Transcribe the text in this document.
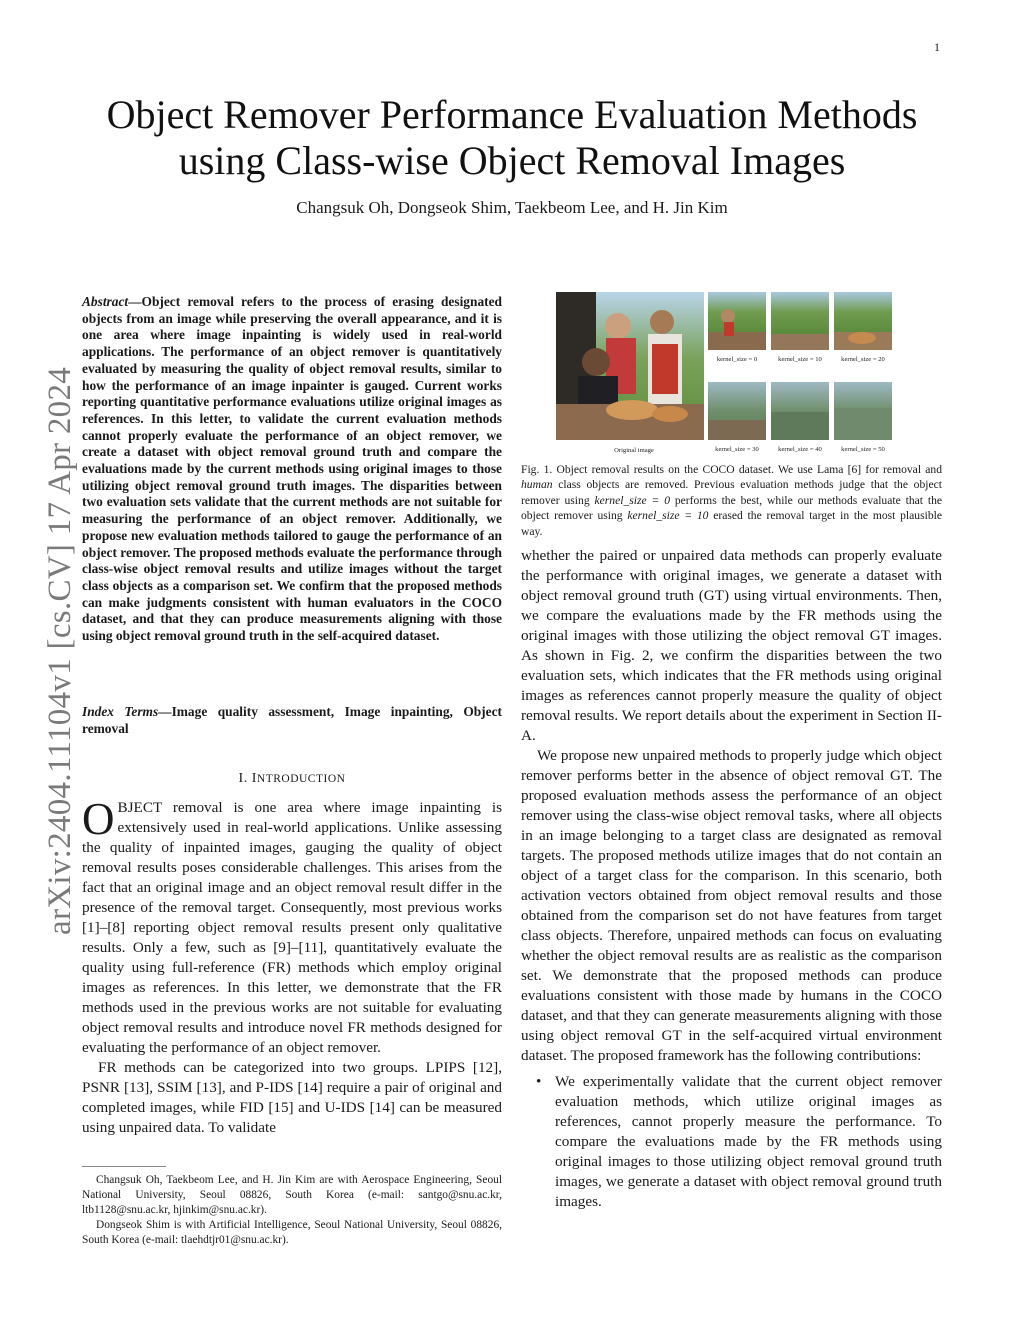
1
arXiv:2404.11104v1 [cs.CV] 17 Apr 2024
Object Remover Performance Evaluation Methods
using Class-wise Object Removal Images
Changsuk Oh, Dongseok Shim, Taekbeom Lee, and H. Jin Kim
Abstract—Object removal refers to the process of erasing designated objects from an image while preserving the overall appearance, and it is one area where image inpainting is widely used in real-world applications. The performance of an object remover is quantitatively evaluated by measuring the quality of object removal results, similar to how the performance of an image inpainter is gauged. Current works reporting quantitative performance evaluations utilize original images as references. In this letter, to validate the current evaluation methods cannot properly evaluate the performance of an object remover, we create a dataset with object removal ground truth and compare the evaluations made by the current methods using original images to those utilizing object removal ground truth images. The disparities between two evaluation sets validate that the current methods are not suitable for measuring the performance of an object remover. Additionally, we propose new evaluation methods tailored to gauge the performance of an object remover. The proposed methods evaluate the performance through class-wise object removal results and utilize images without the target class objects as a comparison set. We confirm that the proposed methods can make judgments consistent with human evaluators in the COCO dataset, and that they can produce measurements aligning with those using object removal ground truth in the self-acquired dataset.
Index Terms—Image quality assessment, Image inpainting, Object removal
I. INTRODUCTION

OBJECT removal is one area where image inpainting is extensively used in real-world applications. Unlike assessing the quality of inpainted images, gauging the quality of object removal results poses considerable challenges. This arises from the fact that an original image and an object removal result differ in the presence of the removal target. Consequently, most previous works [1]–[8] reporting object removal results present only qualitative results. Only a few, such as [9]–[11], quantitatively evaluate the quality using full-reference (FR) methods which employ original images as references. In this letter, we demonstrate that the FR methods used in the previous works are not suitable for evaluating object removal results and introduce novel FR methods designed for evaluating the performance of an object remover.

FR methods can be categorized into two groups. LPIPS [12], PSNR [13], SSIM [13], and P-IDS [14] require a pair of original and completed images, while FID [15] and U-IDS [14] can be measured using unpaired data. To validate

Changsuk Oh, Taekbeom Lee, and H. Jin Kim are with Aerospace Engineering, Seoul National University, Seoul 08826, South Korea (e-mail: santgo@snu.ac.kr, ltb1128@snu.ac.kr, hjinkim@snu.ac.kr).

Dongseok Shim is with Artificial Intelligence, Seoul National University, Seoul 08826, South Korea (e-mail: tlaehdtjr01@snu.ac.kr).

kernel_size = 0	kernel_size = 10	kernel_size = 20
Original image	kernel_size = 30	kernel_size = 40	kernel_size = 50
Fig. 1. Object removal results on the COCO dataset. We use Lama [6] for removal and human class objects are removed. Previous evaluation methods judge that the object remover using kernel_size = 0 performs the best, while our methods evaluate that the object remover using kernel_size = 10 erased the removal target in the most plausible way.

whether the paired or unpaired data methods can properly evaluate the performance with original images, we generate a dataset with object removal ground truth (GT) using virtual environments. Then, we compare the evaluations made by the FR methods using the original images with those utilizing the object removal GT images. As shown in Fig. 2, we confirm the disparities between the two evaluation sets, which indicates that the FR methods using original images as references cannot properly measure the quality of object removal results. We report details about the experiment in Section II-A.

We propose new unpaired methods to properly judge which object remover performs better in the absence of object removal GT. The proposed evaluation methods assess the performance of an object remover using the class-wise object removal tasks, where all objects in an image belonging to a target class are designated as removal targets. The proposed methods utilize images that do not contain an object of a target class for the comparison. In this scenario, both activation vectors obtained from object removal results and those obtained from the comparison set do not have features from target class objects. Therefore, unpaired methods can focus on evaluating whether the object removal results are as realistic as the comparison set. We demonstrate that the proposed methods can produce evaluations consistent with those made by humans in the COCO dataset, and that they can generate measurements aligning with those using object removal GT in the self-acquired virtual environment dataset. The proposed framework has the following contributions:

• We experimentally validate that the current object remover evaluation methods, which utilize original images as references, cannot properly measure the performance. To compare the evaluations made by the FR methods using original images to those utilizing object removal ground truth images, we generate a dataset with object removal ground truth images.
